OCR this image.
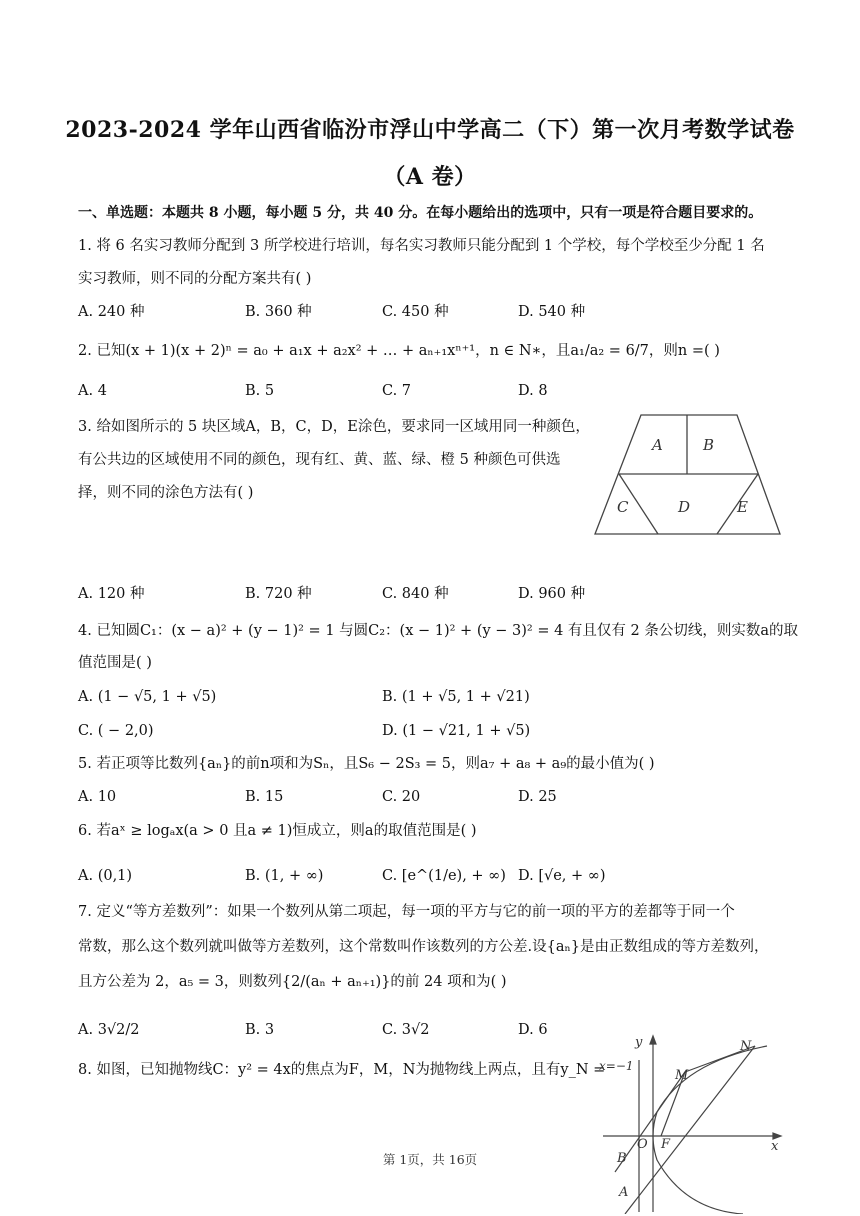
2023-2024 学年山西省临汾市浮山中学高二（下）第一次月考数学试卷
（A 卷）
一、单选题：本题共 8 小题，每小题 5 分，共 40 分。在每小题给出的选项中，只有一项是符合题目要求的。
1. 将 6 名实习教师分配到 3 所学校进行培训，每名实习教师只能分配到 1 个学校，每个学校至少分配 1 名
实习教师，则不同的分配方案共有( )
A. 240 种	B. 360 种	C. 450 种	D. 540 种
2. 已知(x + 1)(x + 2)ⁿ = a₀ + a₁x + a₂x² + … + aₙ₊₁xⁿ⁺¹，n ∈ N∗，且a₁/a₂ = 6/7，则n =( )
A. 4	B. 5	C. 7	D. 8
3. 给如图所示的 5 块区域A，B，C，D，E涂色，要求同一区域用同一种颜色，
有公共边的区域使用不同的颜色，现有红、黄、蓝、绿、橙 5 种颜色可供选
择，则不同的涂色方法有( )
A	B
C	D	E
A. 120 种	B. 720 种	C. 840 种	D. 960 种
4. 已知圆C₁：(x − a)² + (y − 1)² = 1 与圆C₂：(x − 1)² + (y − 3)² = 4 有且仅有 2 条公切线，则实数a的取
值范围是( )
A. (1 − √5, 1 + √5)	B. (1 + √5, 1 + √21)
C. ( − 2,0)	D. (1 − √21, 1 + √5)
5. 若正项等比数列{aₙ}的前n项和为Sₙ，且S₆ − 2S₃ = 5，则a₇ + a₈ + a₉的最小值为( )
A. 10	B. 15	C. 20	D. 25
6. 若aˣ ≥ logₐx(a > 0 且a ≠ 1)恒成立，则a的取值范围是( )
A. (0,1)	B. (1, + ∞)	C. [e^(1/e), + ∞) D. [√e, + ∞)
7. 定义“等方差数列”：如果一个数列从第二项起，每一项的平方与它的前一项的平方的差都等于同一个
常数，那么这个数列就叫做等方差数列，这个常数叫作该数列的方公差.设{aₙ}是由正数组成的等方差数列，
且方公差为 2，a₅ = 3，则数列{2/(aₙ + aₙ₊₁)}的前 24 项和为( )
A. 3√2/2	B. 3	C. 3√2	D. 6
8. 如图，已知抛物线C：y² = 4x的焦点为F，M，N为抛物线上两点，且有y_N =
y
x
x=−1
M
N
O F
B
A
第 1页，共 16页
